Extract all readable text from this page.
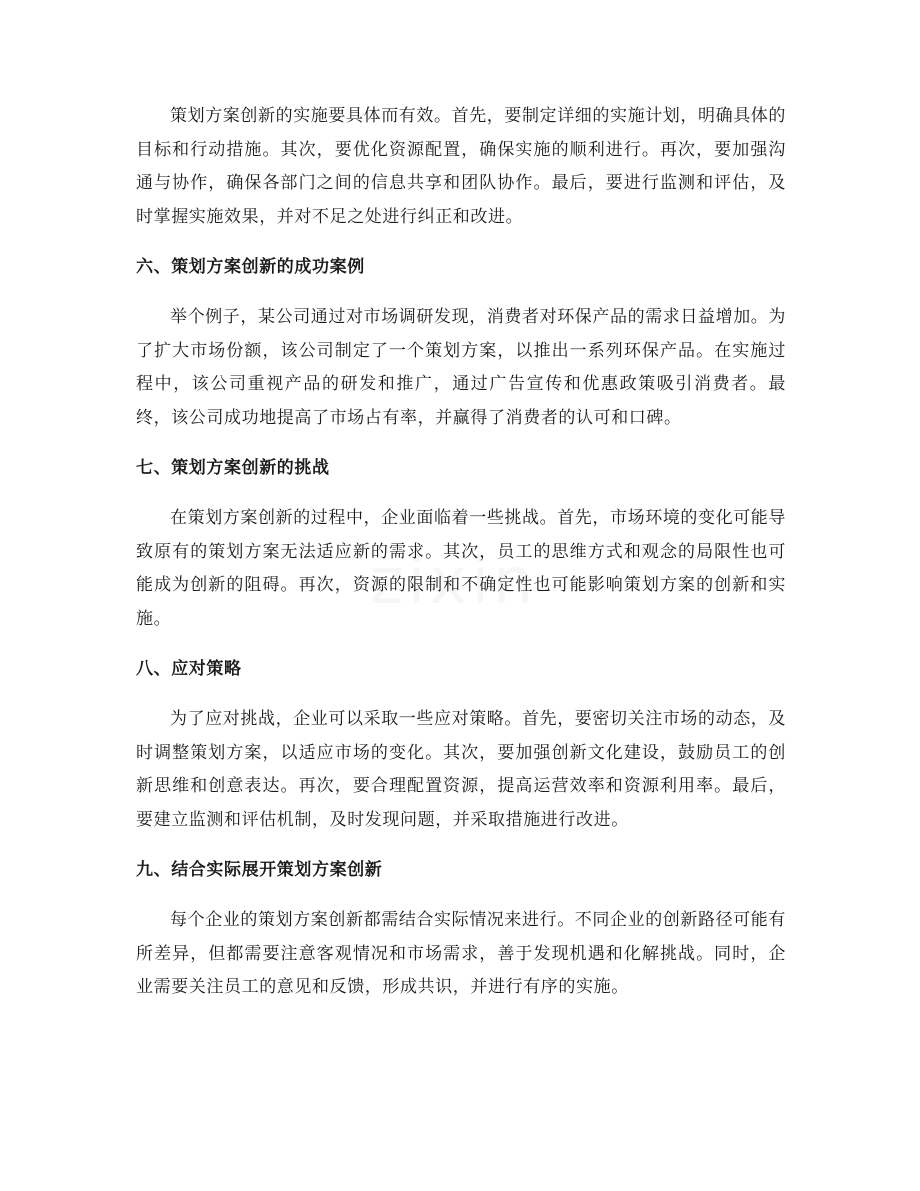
策划方案创新的实施要具体而有效。首先，要制定详细的实施计划，明确具体的目标和行动措施。其次，要优化资源配置，确保实施的顺利进行。再次，要加强沟通与协作，确保各部门之间的信息共享和团队协作。最后，要进行监测和评估，及时掌握实施效果，并对不足之处进行纠正和改进。

六、策划方案创新的成功案例

举个例子，某公司通过对市场调研发现，消费者对环保产品的需求日益增加。为了扩大市场份额，该公司制定了一个策划方案，以推出一系列环保产品。在实施过程中，该公司重视产品的研发和推广，通过广告宣传和优惠政策吸引消费者。最终，该公司成功地提高了市场占有率，并赢得了消费者的认可和口碑。

七、策划方案创新的挑战

在策划方案创新的过程中，企业面临着一些挑战。首先，市场环境的变化可能导致原有的策划方案无法适应新的需求。其次，员工的思维方式和观念的局限性也可能成为创新的阻碍。再次，资源的限制和不确定性也可能影响策划方案的创新和实施。

八、应对策略

为了应对挑战，企业可以采取一些应对策略。首先，要密切关注市场的动态，及时调整策划方案，以适应市场的变化。其次，要加强创新文化建设，鼓励员工的创新思维和创意表达。再次，要合理配置资源，提高运营效率和资源利用率。最后，要建立监测和评估机制，及时发现问题，并采取措施进行改进。

九、结合实际展开策划方案创新

每个企业的策划方案创新都需结合实际情况来进行。不同企业的创新路径可能有所差异，但都需要注意客观情况和市场需求，善于发现机遇和化解挑战。同时，企业需要关注员工的意见和反馈，形成共识，并进行有序的实施。
